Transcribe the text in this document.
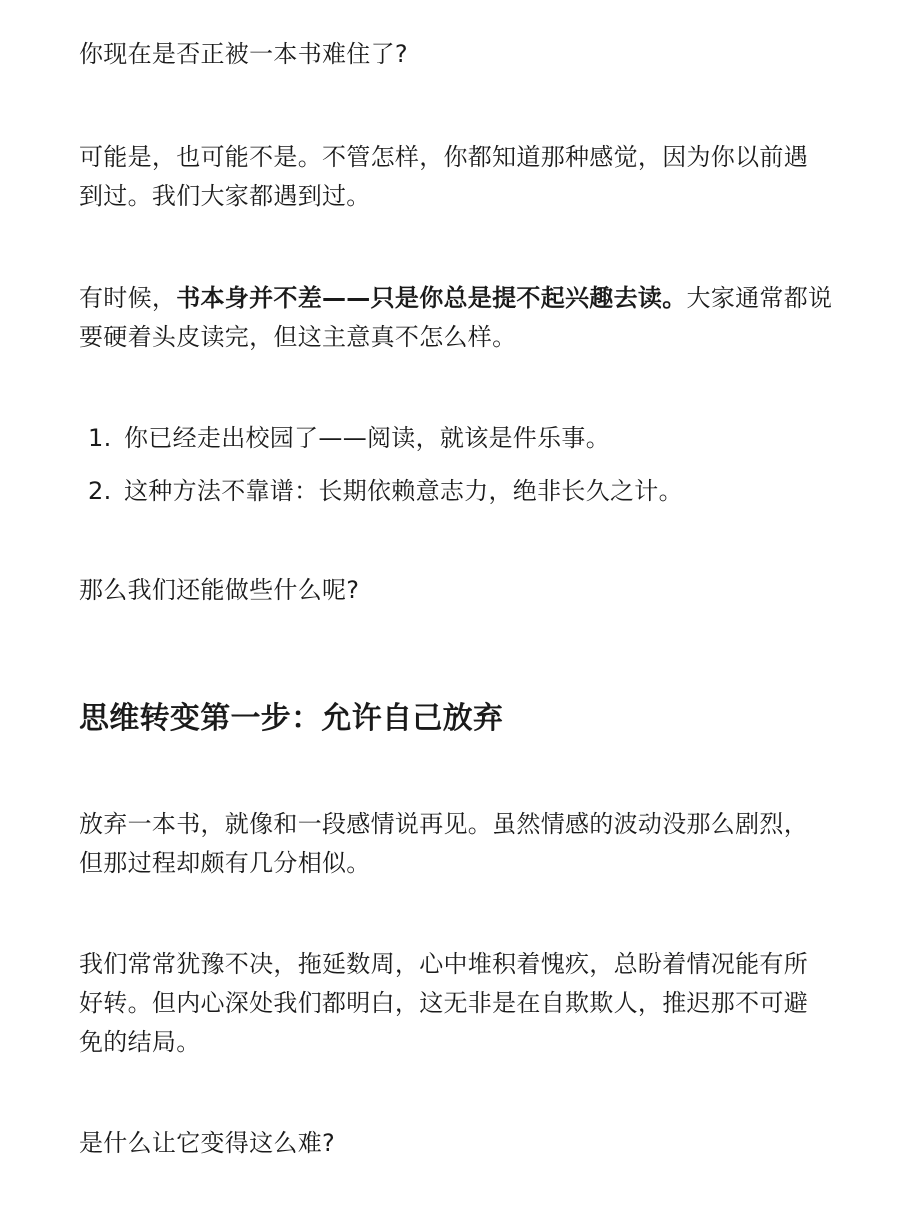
你现在是否正被一本书难住了?

可能是，也可能不是。不管怎样，你都知道那种感觉，因为你以前遇到过。我们大家都遇到过。

有时候，书本身并不差——只是你总是提不起兴趣去读。大家通常都说要硬着头皮读完，但这主意真不怎么样。

1. 你已经走出校园了——阅读，就该是件乐事。
2. 这种方法不靠谱：长期依赖意志力，绝非长久之计。

那么我们还能做些什么呢?

思维转变第一步：允许自己放弃

放弃一本书，就像和一段感情说再见。虽然情感的波动没那么剧烈，但那过程却颇有几分相似。

我们常常犹豫不决，拖延数周，心中堆积着愧疚，总盼着情况能有所好转。但内心深处我们都明白，这无非是在自欺欺人，推迟那不可避免的结局。

是什么让它变得这么难?
